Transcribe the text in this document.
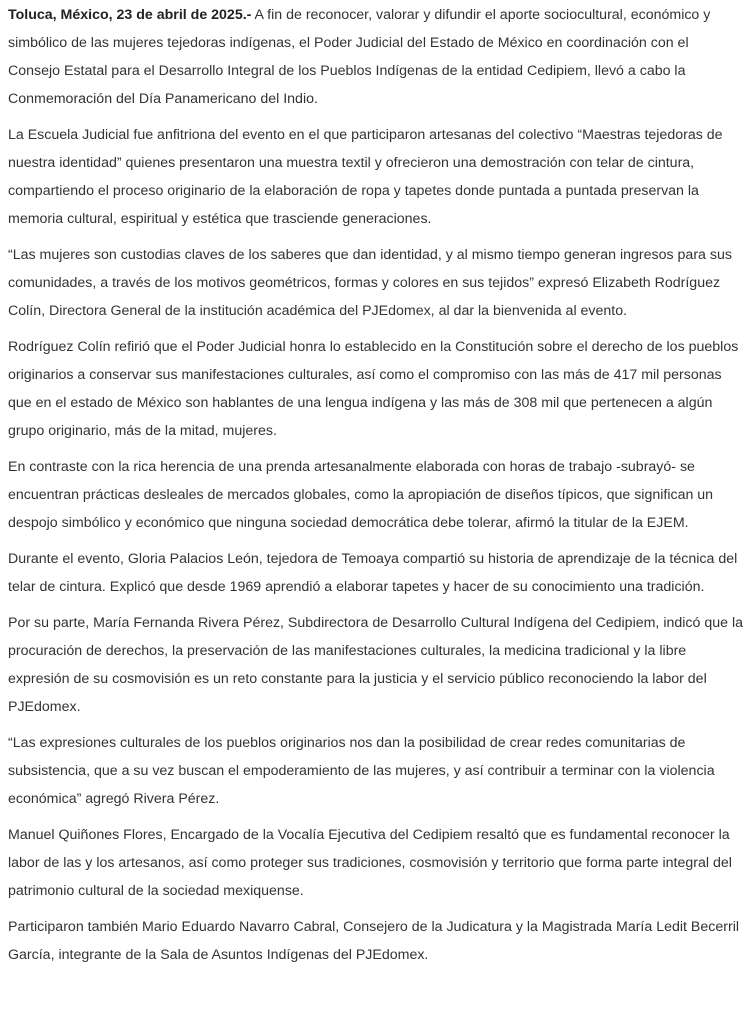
Toluca, México, 23 de abril de 2025.- A fin de reconocer, valorar y difundir el aporte sociocultural, económico y simbólico de las mujeres tejedoras indígenas, el Poder Judicial del Estado de México en coordinación con el Consejo Estatal para el Desarrollo Integral de los Pueblos Indígenas de la entidad Cedipiem, llevó a cabo la Conmemoración del Día Panamericano del Indio.

La Escuela Judicial fue anfitriona del evento en el que participaron artesanas del colectivo “Maestras tejedoras de nuestra identidad” quienes presentaron una muestra textil y ofrecieron una demostración con telar de cintura, compartiendo el proceso originario de la elaboración de ropa y tapetes donde puntada a puntada preservan la memoria cultural, espiritual y estética que trasciende generaciones.

“Las mujeres son custodias claves de los saberes que dan identidad, y al mismo tiempo generan ingresos para sus comunidades, a través de los motivos geométricos, formas y colores en sus tejidos” expresó Elizabeth Rodríguez Colín, Directora General de la institución académica del PJEdomex, al dar la bienvenida al evento.

Rodríguez Colín refirió que el Poder Judicial honra lo establecido en la Constitución sobre el derecho de los pueblos originarios a conservar sus manifestaciones culturales, así como el compromiso con las más de 417 mil personas que en el estado de México son hablantes de una lengua indígena y las más de 308 mil que pertenecen a algún grupo originario, más de la mitad, mujeres.

En contraste con la rica herencia de una prenda artesanalmente elaborada con horas de trabajo -subrayó- se encuentran prácticas desleales de mercados globales, como la apropiación de diseños típicos, que significan un despojo simbólico y económico que ninguna sociedad democrática debe tolerar, afirmó la titular de la EJEM.

Durante el evento, Gloria Palacios León, tejedora de Temoaya compartió su historia de aprendizaje de la técnica del telar de cintura. Explicó que desde 1969 aprendió a elaborar tapetes y hacer de su conocimiento una tradición.

Por su parte, María Fernanda Rivera Pérez, Subdirectora de Desarrollo Cultural Indígena del Cedipiem, indicó que la procuración de derechos, la preservación de las manifestaciones culturales, la medicina tradicional y la libre expresión de su cosmovisión es un reto constante para la justicia y el servicio público reconociendo la labor del PJEdomex.

“Las expresiones culturales de los pueblos originarios nos dan la posibilidad de crear redes comunitarias de subsistencia, que a su vez buscan el empoderamiento de las mujeres, y así contribuir a terminar con la violencia económica” agregó Rivera Pérez.

Manuel Quiñones Flores, Encargado de la Vocalía Ejecutiva del Cedipiem resaltó que es fundamental reconocer la labor de las y los artesanos, así como proteger sus tradiciones, cosmovisión y territorio que forma parte integral del patrimonio cultural de la sociedad mexiquense.

Participaron también Mario Eduardo Navarro Cabral, Consejero de la Judicatura y la Magistrada María Ledit Becerril García, integrante de la Sala de Asuntos Indígenas del PJEdomex.
